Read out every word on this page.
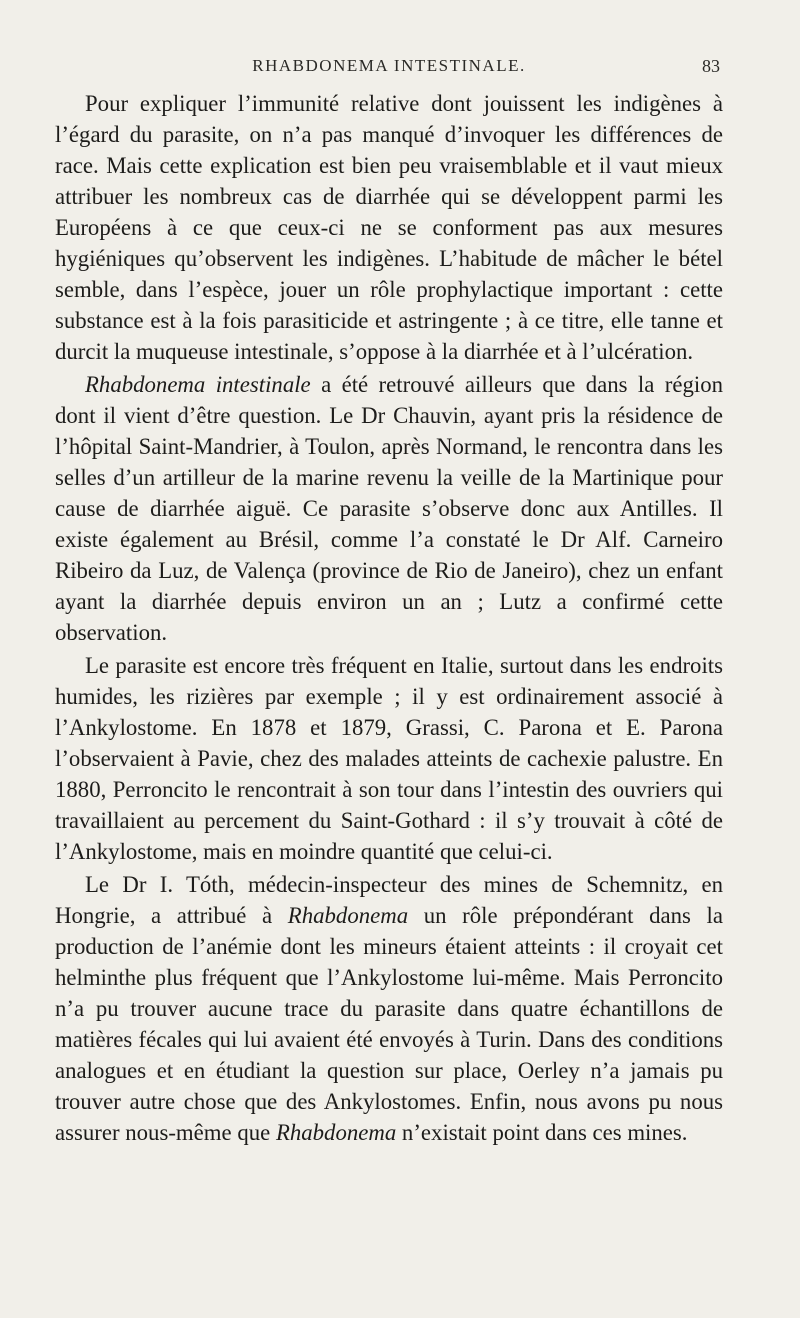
RHABDONEMA INTESTINALE.	83

Pour expliquer l’immunité relative dont jouissent les indigènes à l’égard du parasite, on n’a pas manqué d’invoquer les différences de race. Mais cette explication est bien peu vraisemblable et il vaut mieux attribuer les nombreux cas de diarrhée qui se développent parmi les Européens à ce que ceux-ci ne se conforment pas aux mesures hygiéniques qu’observent les indigènes. L’habitude de mâcher le bétel semble, dans l’espèce, jouer un rôle prophylactique important : cette substance est à la fois parasiticide et astringente ; à ce titre, elle tanne et durcit la muqueuse intestinale, s’oppose à la diarrhée et à l’ulcération.

Rhabdonema intestinale a été retrouvé ailleurs que dans la région dont il vient d’être question. Le Dr Chauvin, ayant pris la résidence de l’hôpital Saint-Mandrier, à Toulon, après Normand, le rencontra dans les selles d’un artilleur de la marine revenu la veille de la Martinique pour cause de diarrhée aiguë. Ce parasite s’observe donc aux Antilles. Il existe également au Brésil, comme l’a constaté le Dr Alf. Carneiro Ribeiro da Luz, de Valença (province de Rio de Janeiro), chez un enfant ayant la diarrhée depuis environ un an ; Lutz a confirmé cette observation.

Le parasite est encore très fréquent en Italie, surtout dans les endroits humides, les rizières par exemple ; il y est ordinairement associé à l’Ankylostome. En 1878 et 1879, Grassi, C. Parona et E. Parona l’observaient à Pavie, chez des malades atteints de cachexie palustre. En 1880, Perroncito le rencontrait à son tour dans l’intestin des ouvriers qui travaillaient au percement du Saint-Gothard : il s’y trouvait à côté de l’Ankylostome, mais en moindre quantité que celui-ci.

Le Dr I. Tóth, médecin-inspecteur des mines de Schemnitz, en Hongrie, a attribué à Rhabdonema un rôle prépondérant dans la production de l’anémie dont les mineurs étaient atteints : il croyait cet helminthe plus fréquent que l’Ankylostome lui-même. Mais Perroncito n’a pu trouver aucune trace du parasite dans quatre échantillons de matières fécales qui lui avaient été envoyés à Turin. Dans des conditions analogues et en étudiant la question sur place, Oerley n’a jamais pu trouver autre chose que des Ankylostomes. Enfin, nous avons pu nous assurer nous-même que Rhabdonema n’existait point dans ces mines.
